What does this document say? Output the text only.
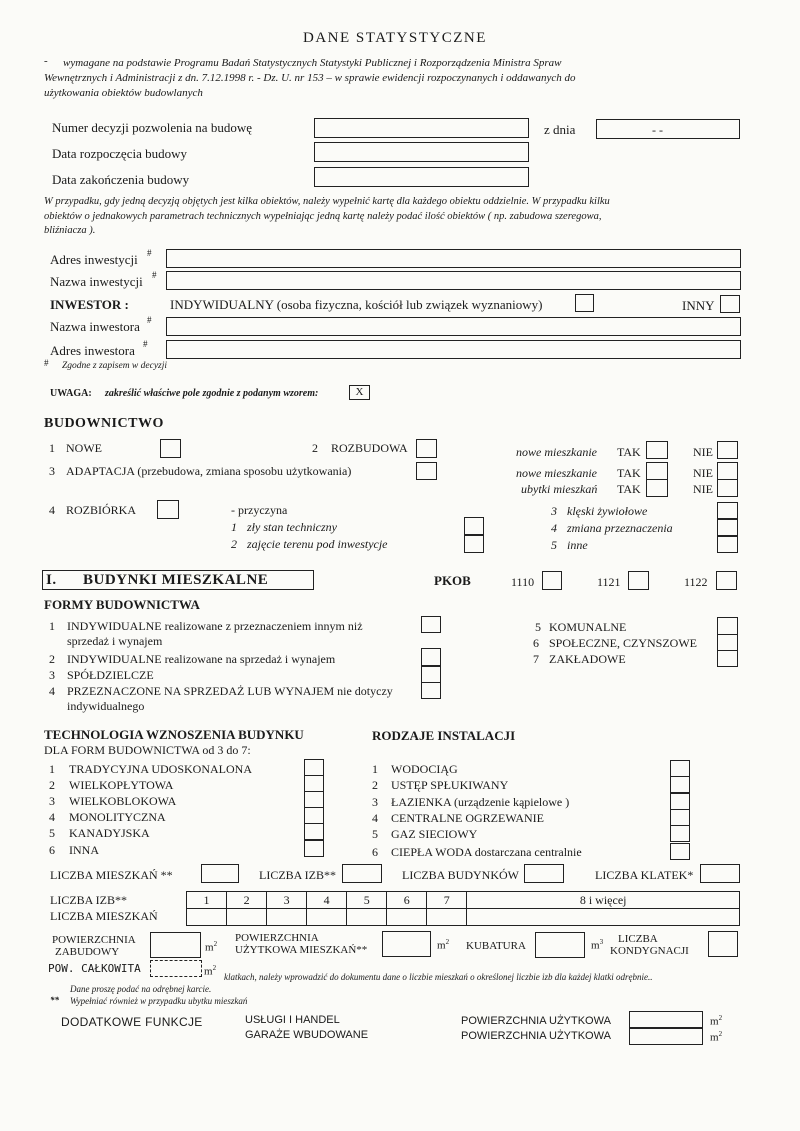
DANE STATYSTYCZNE
- wymagane na podstawie Programu Badań Statystycznych Statystyki Publicznej i Rozporządzenia Ministra Spraw
Wewnętrznych i Administracji z dn. 7.12.1998 r. - Dz. U. nr 153 – w sprawie ewidencji rozpoczynanych i oddawanych do
użytkowania obiektów budowlanych
Numer decyzji pozwolenia na budowę	z dnia	- -
Data rozpoczęcia budowy
Data zakończenia budowy
W przypadku, gdy jedną decyzją objętych jest kilka obiektów, należy wypełnić kartę dla każdego obiektu oddzielnie. W przypadku kilku
obiektów o jednakowych parametrach technicznych wypełniając jedną kartę należy podać ilość obiektów ( np. zabudowa szeregowa,
bliźniacza ).
Adres inwestycji #
Nazwa inwestycji #
INWESTOR :	INDYWIDUALNY (osoba fizyczna, kościół lub związek wyznaniowy)	INNY
Nazwa inwestora #
Adres inwestora #
# Zgodne z zapisem w decyzji
UWAGA: zakreślić właściwe pole zgodnie z podanym wzorem:	X
BUDOWNICTWO
1 NOWE	2 ROZBUDOWA	nowe mieszkanie TAK	NIE
3 ADAPTACJA (przebudowa, zmiana sposobu użytkowania)	nowe mieszkanie TAK	NIE
ubytki mieszkań TAK	NIE
4 ROZBIÓRKA	- przyczyna
1 zły stan techniczny
2 zajęcie terenu pod inwestycje
3 klęski żywiołowe
4 zmiana przeznaczenia
5 inne
I. BUDYNKI MIESZKALNE	PKOB	1110	1121	1122
FORMY BUDOWNICTWA
1 INDYWIDUALNE realizowane z przeznaczeniem innym niż
sprzedaż i wynajem
2 INDYWIDUALNE realizowane na sprzedaż i wynajem
3 SPÓŁDZIELCZE
4 PRZEZNACZONE NA SPRZEDAŻ LUB WYNAJEM nie dotyczy
indywidualnego
5 KOMUNALNE
6 SPOŁECZNE, CZYNSZOWE
7 ZAKŁADOWE
TECHNOLOGIA WZNOSZENIA BUDYNKU
DLA FORM BUDOWNICTWA od 3 do 7:
1 TRADYCYJNA UDOSKONALONA
2 WIELKOPŁYTOWA
3 WIELKOBLOKOWA
4 MONOLITYCZNA
5 KANADYJSKA
6 INNA
RODZAJE INSTALACJI
1 WODOCIĄG
2 USTĘP SPŁUKIWANY
3 ŁAZIENKA (urządzenie kąpielowe )
4 CENTRALNE OGRZEWANIE
5 GAZ SIECIOWY
6 CIEPŁA WODA dostarczana centralnie
LICZBA MIESZKAŃ **	LICZBA IZB**	LICZBA BUDYNKÓW	LICZBA KLATEK*
LICZBA IZB**
LICZBA MIESZKAŃ
1	2	3	4	5	6	7	8 i więcej

POWIERZCHNIA
ZABUDOWY	$m^2$ POWIERZCHNIA
UŻYTKOWA MIESZKAŃ**	$m^2$ KUBATURA	$m^3$ LICZBA
KONDYGNACJI
POW. CAŁKOWITA	$m^2$
klatkach, należy wprowadzić do dokumentu dane o liczbie mieszkań o określonej liczbie izb dla każdej klatki odrębnie..
Dane proszę podać na odrębnej karcie.
** Wypełniać również w przypadku ubytku mieszkań
DODATKOWE FUNKCJE	USŁUGI I HANDEL
GARAŻE WBUDOWANE
POWIERZCHNIA UŻYTKOWA	$m^2$
POWIERZCHNIA UŻYTKOWA	$m^2$
